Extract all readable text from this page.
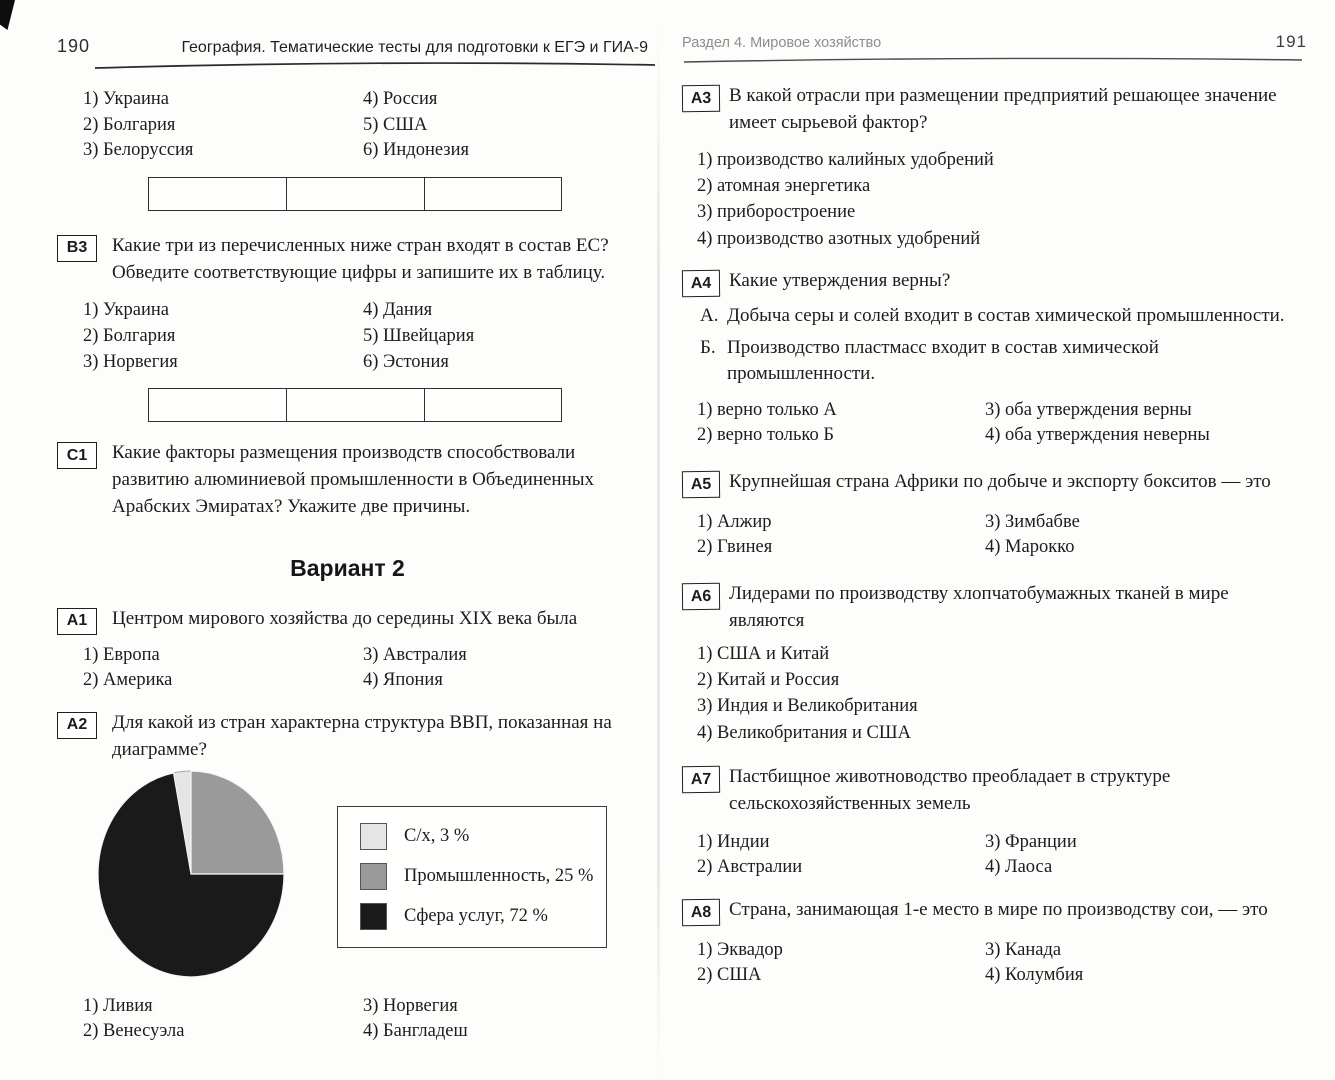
190	География. Тематические тесты для подготовки к ЕГЭ и ГИА-9
1) Украина	4) Россия
2) Болгария	5) США
3) Белоруссия	6) Индонезия
В3	Какие три из перечисленных ниже стран входят в состав ЕС? Обведите соответствующие цифры и запишите их в таблицу.
1) Украина	4) Дания
2) Болгария	5) Швейцария
3) Норвегия	6) Эстония
С1	Какие факторы размещения производств способствовали развитию алюминиевой промышленности в Объединенных Арабских Эмиратах? Укажите две причины.
Вариант 2
А1	Центром мирового хозяйства до середины XIX века была
1) Европа	3) Австралия
2) Америка	4) Япония
А2	Для какой из стран характерна структура ВВП, показанная на диаграмме?
С/х, 3 %
Промышленность, 25 %
Сфера услуг, 72 %
1) Ливия	3) Норвегия
2) Венесуэла	4) Бангладеш
Раздел 4. Мировое хозяйство	191
А3 В какой отрасли при размещении предприятий решающее значение имеет сырьевой фактор?
1) производство калийных удобрений
2) атомная энергетика
3) приборостроение
4) производство азотных удобрений
А4 Какие утверждения верны?
А. Добыча серы и солей входит в состав химической промышленности.
Б. Производство пластмасс входит в состав химической промышленности.
1) верно только А	3) оба утверждения верны
2) верно только Б	4) оба утверждения неверны
А5 Крупнейшая страна Африки по добыче и экспорту бокситов — это
1) Алжир	3) Зимбабве
2) Гвинея	4) Марокко
А6 Лидерами по производству хлопчатобумажных тканей в мире являются
1) США и Китай
2) Китай и Россия
3) Индия и Великобритания
4) Великобритания и США
А7 Пастбищное животноводство преобладает в структуре сельскохозяйственных земель
1) Индии	3) Франции
2) Австралии	4) Лаоса
А8 Страна, занимающая 1-е место в мире по производству сои, — это
1) Эквадор	3) Канада
2) США	4) Колумбия
